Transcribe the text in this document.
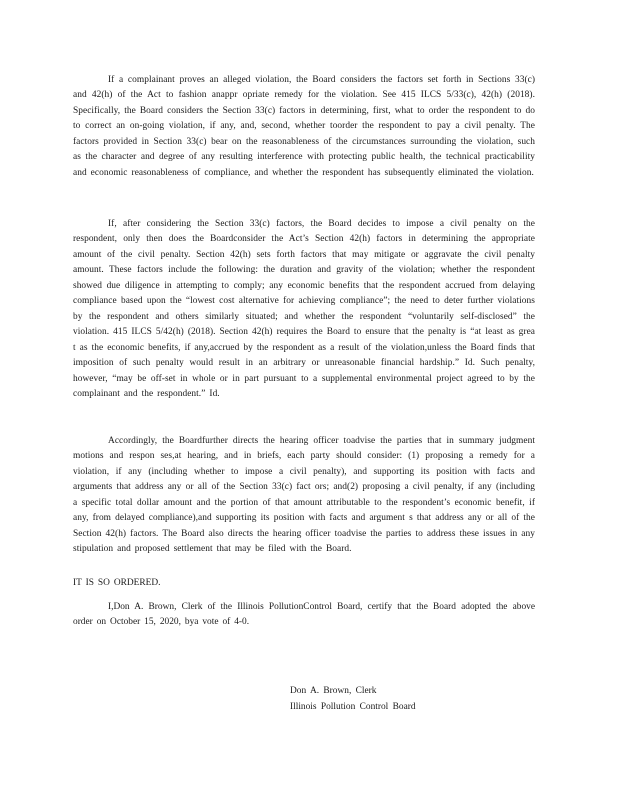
If a complainant proves an alleged violation, the Board considers the factors set forth in Sections 33(c) and 42(h) of the Act to fashion anappr opriate remedy for the violation. See 415 ILCS 5/33(c), 42(h) (2018). Specifically, the Board considers the Section 33(c) factors in determining, first, what to order the respondent to do to correct an on-going violation, if any, and, second, whether toorder the respondent to pay a civil penalty. The factors provided in Section 33(c) bear on the reasonableness of the circumstances surrounding the violation, such as the character and degree of any resulting interference with protecting public health, the technical practicability and economic reasonableness of compliance, and whether the respondent has subsequently eliminated the violation.

If, after considering the Section 33(c) factors, the Board decides to impose a civil penalty on the respondent, only then does the Boardconsider the Act’s Section 42(h) factors in determining the appropriate amount of the civil penalty. Section 42(h) sets forth factors that may mitigate or aggravate the civil penalty amount. These factors include the following: the duration and gravity of the violation; whether the respondent showed due diligence in attempting to comply; any economic benefits that the respondent accrued from delaying compliance based upon the “lowest cost alternative for achieving compliance”; the need to deter further violations by the respondent and others similarly situated; and whether the respondent “voluntarily self-disclosed” the violation. 415 ILCS 5/42(h) (2018). Section 42(h) requires the Board to ensure that the penalty is “at least as grea t as the economic benefits, if any,accrued by the respondent as a result of the violation,unless the Board finds that imposition of such penalty would result in an arbitrary or unreasonable financial hardship.” Id. Such penalty, however, “may be off-set in whole or in part pursuant to a supplemental environmental project agreed to by the complainant and the respondent.” Id.

Accordingly, the Boardfurther directs the hearing officer toadvise the parties that in summary judgment motions and respon ses,at hearing, and in briefs, each party should consider: (1) proposing a remedy for a violation, if any (including whether to impose a civil penalty), and supporting its position with facts and arguments that address any or all of the Section 33(c) fact ors; and(2) proposing a civil penalty, if any (including a specific total dollar amount and the portion of that amount attributable to the respondent’s economic benefit, if any, from delayed compliance),and supporting its position with facts and argument s that address any or all of the Section 42(h) factors. The Board also directs the hearing officer toadvise the parties to address these issues in any stipulation and proposed settlement that may be filed with the Board.

IT IS SO ORDERED.

I,Don A. Brown, Clerk of the Illinois PollutionControl Board, certify that the Board adopted the above order on October 15, 2020, bya vote of 4-0.

Don A. Brown, Clerk
Illinois Pollution Control Board
